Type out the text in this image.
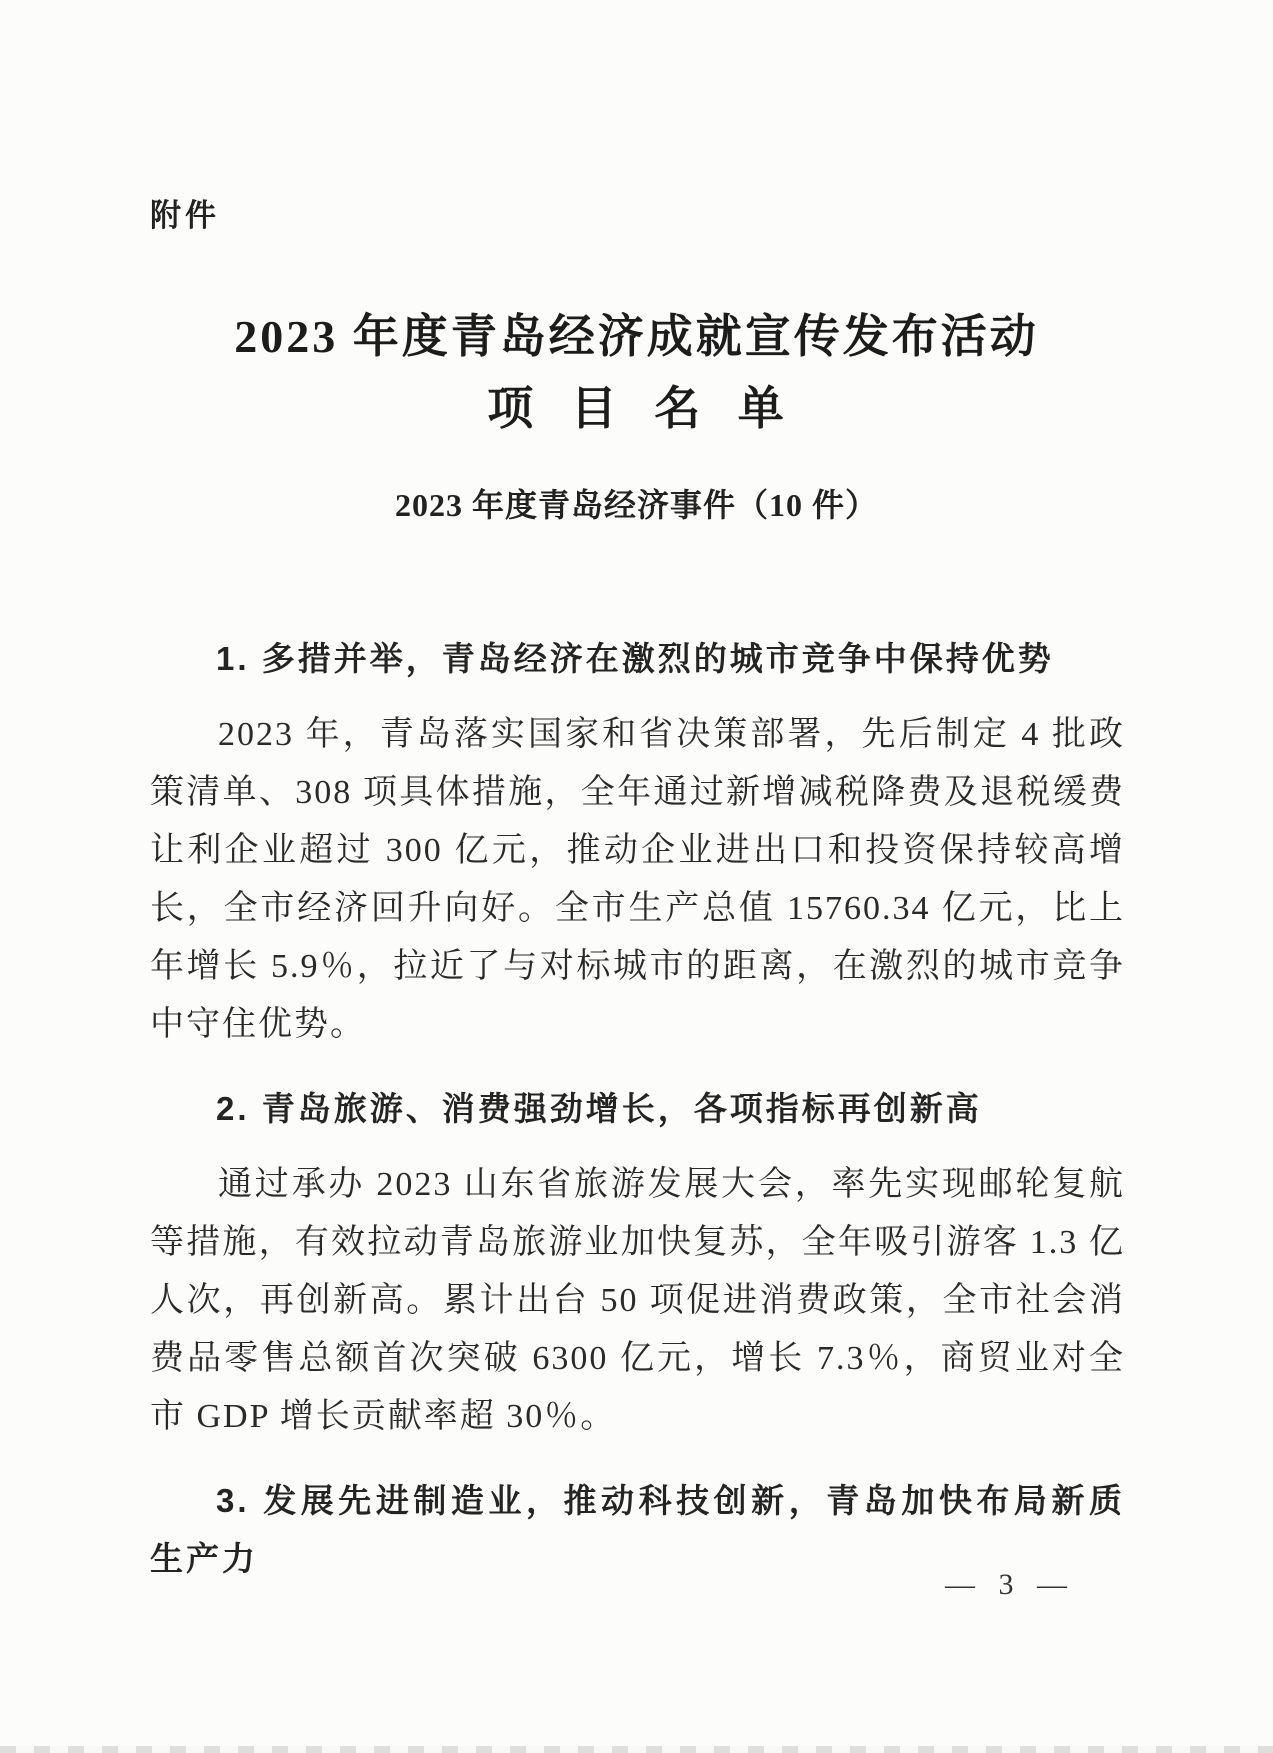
附件
2023 年度青岛经济成就宣传发布活动
项 目 名 单
2023 年度青岛经济事件（10 件）

1. 多措并举，青岛经济在激烈的城市竞争中保持优势

2023 年，青岛落实国家和省决策部署，先后制定 4 批政策清单、308 项具体措施，全年通过新增减税降费及退税缓费让利企业超过 300 亿元，推动企业进出口和投资保持较高增长，全市经济回升向好。全市生产总值 15760.34 亿元，比上年增长 5.9％，拉近了与对标城市的距离，在激烈的城市竞争中守住优势。

2. 青岛旅游、消费强劲增长，各项指标再创新高

通过承办 2023 山东省旅游发展大会，率先实现邮轮复航等措施，有效拉动青岛旅游业加快复苏，全年吸引游客 1.3 亿人次，再创新高。累计出台 50 项促进消费政策，全市社会消费品零售总额首次突破 6300 亿元，增长 7.3％，商贸业对全市 GDP 增长贡献率超 30％。

3. 发展先进制造业，推动科技创新，青岛加快布局新质生产力

— 3 —
